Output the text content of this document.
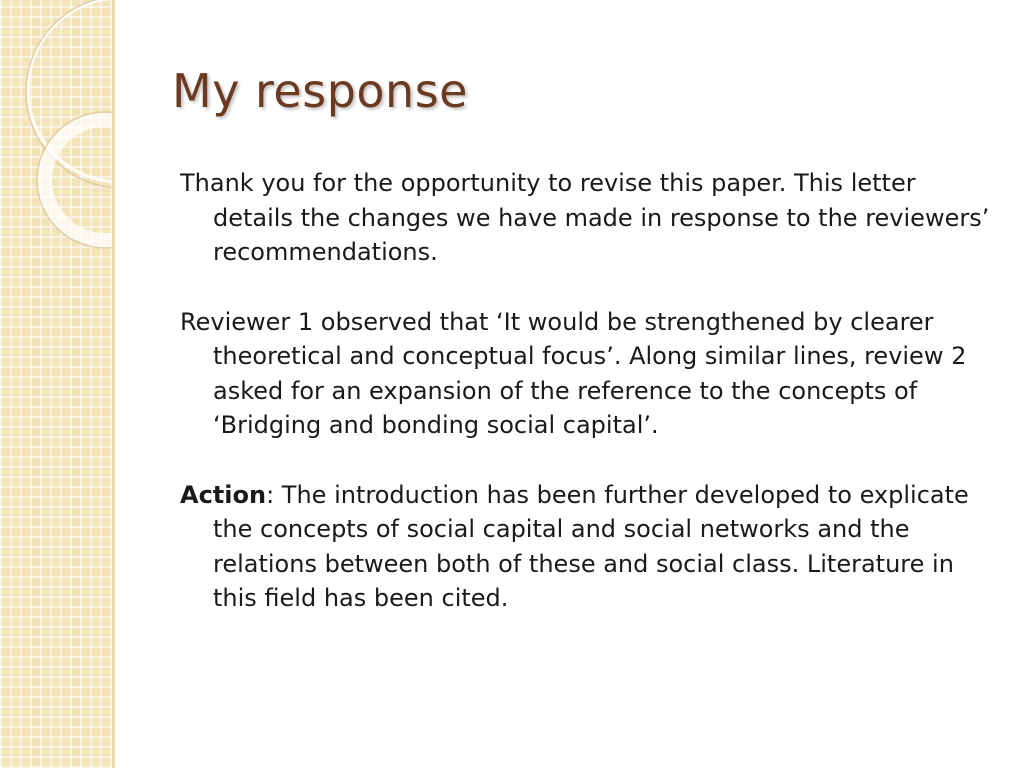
My response

Thank you for the opportunity to revise this paper. This letter details the changes we have made in response to the reviewers’ recommendations.

Reviewer 1 observed that ‘It would be strengthened by clearer theoretical and conceptual focus’. Along similar lines, review 2 asked for an expansion of the reference to the concepts of ‘Bridging and bonding social capital’.

Action: The introduction has been further developed to explicate the concepts of social capital and social networks and the relations between both of these and social class. Literature in this field has been cited.
